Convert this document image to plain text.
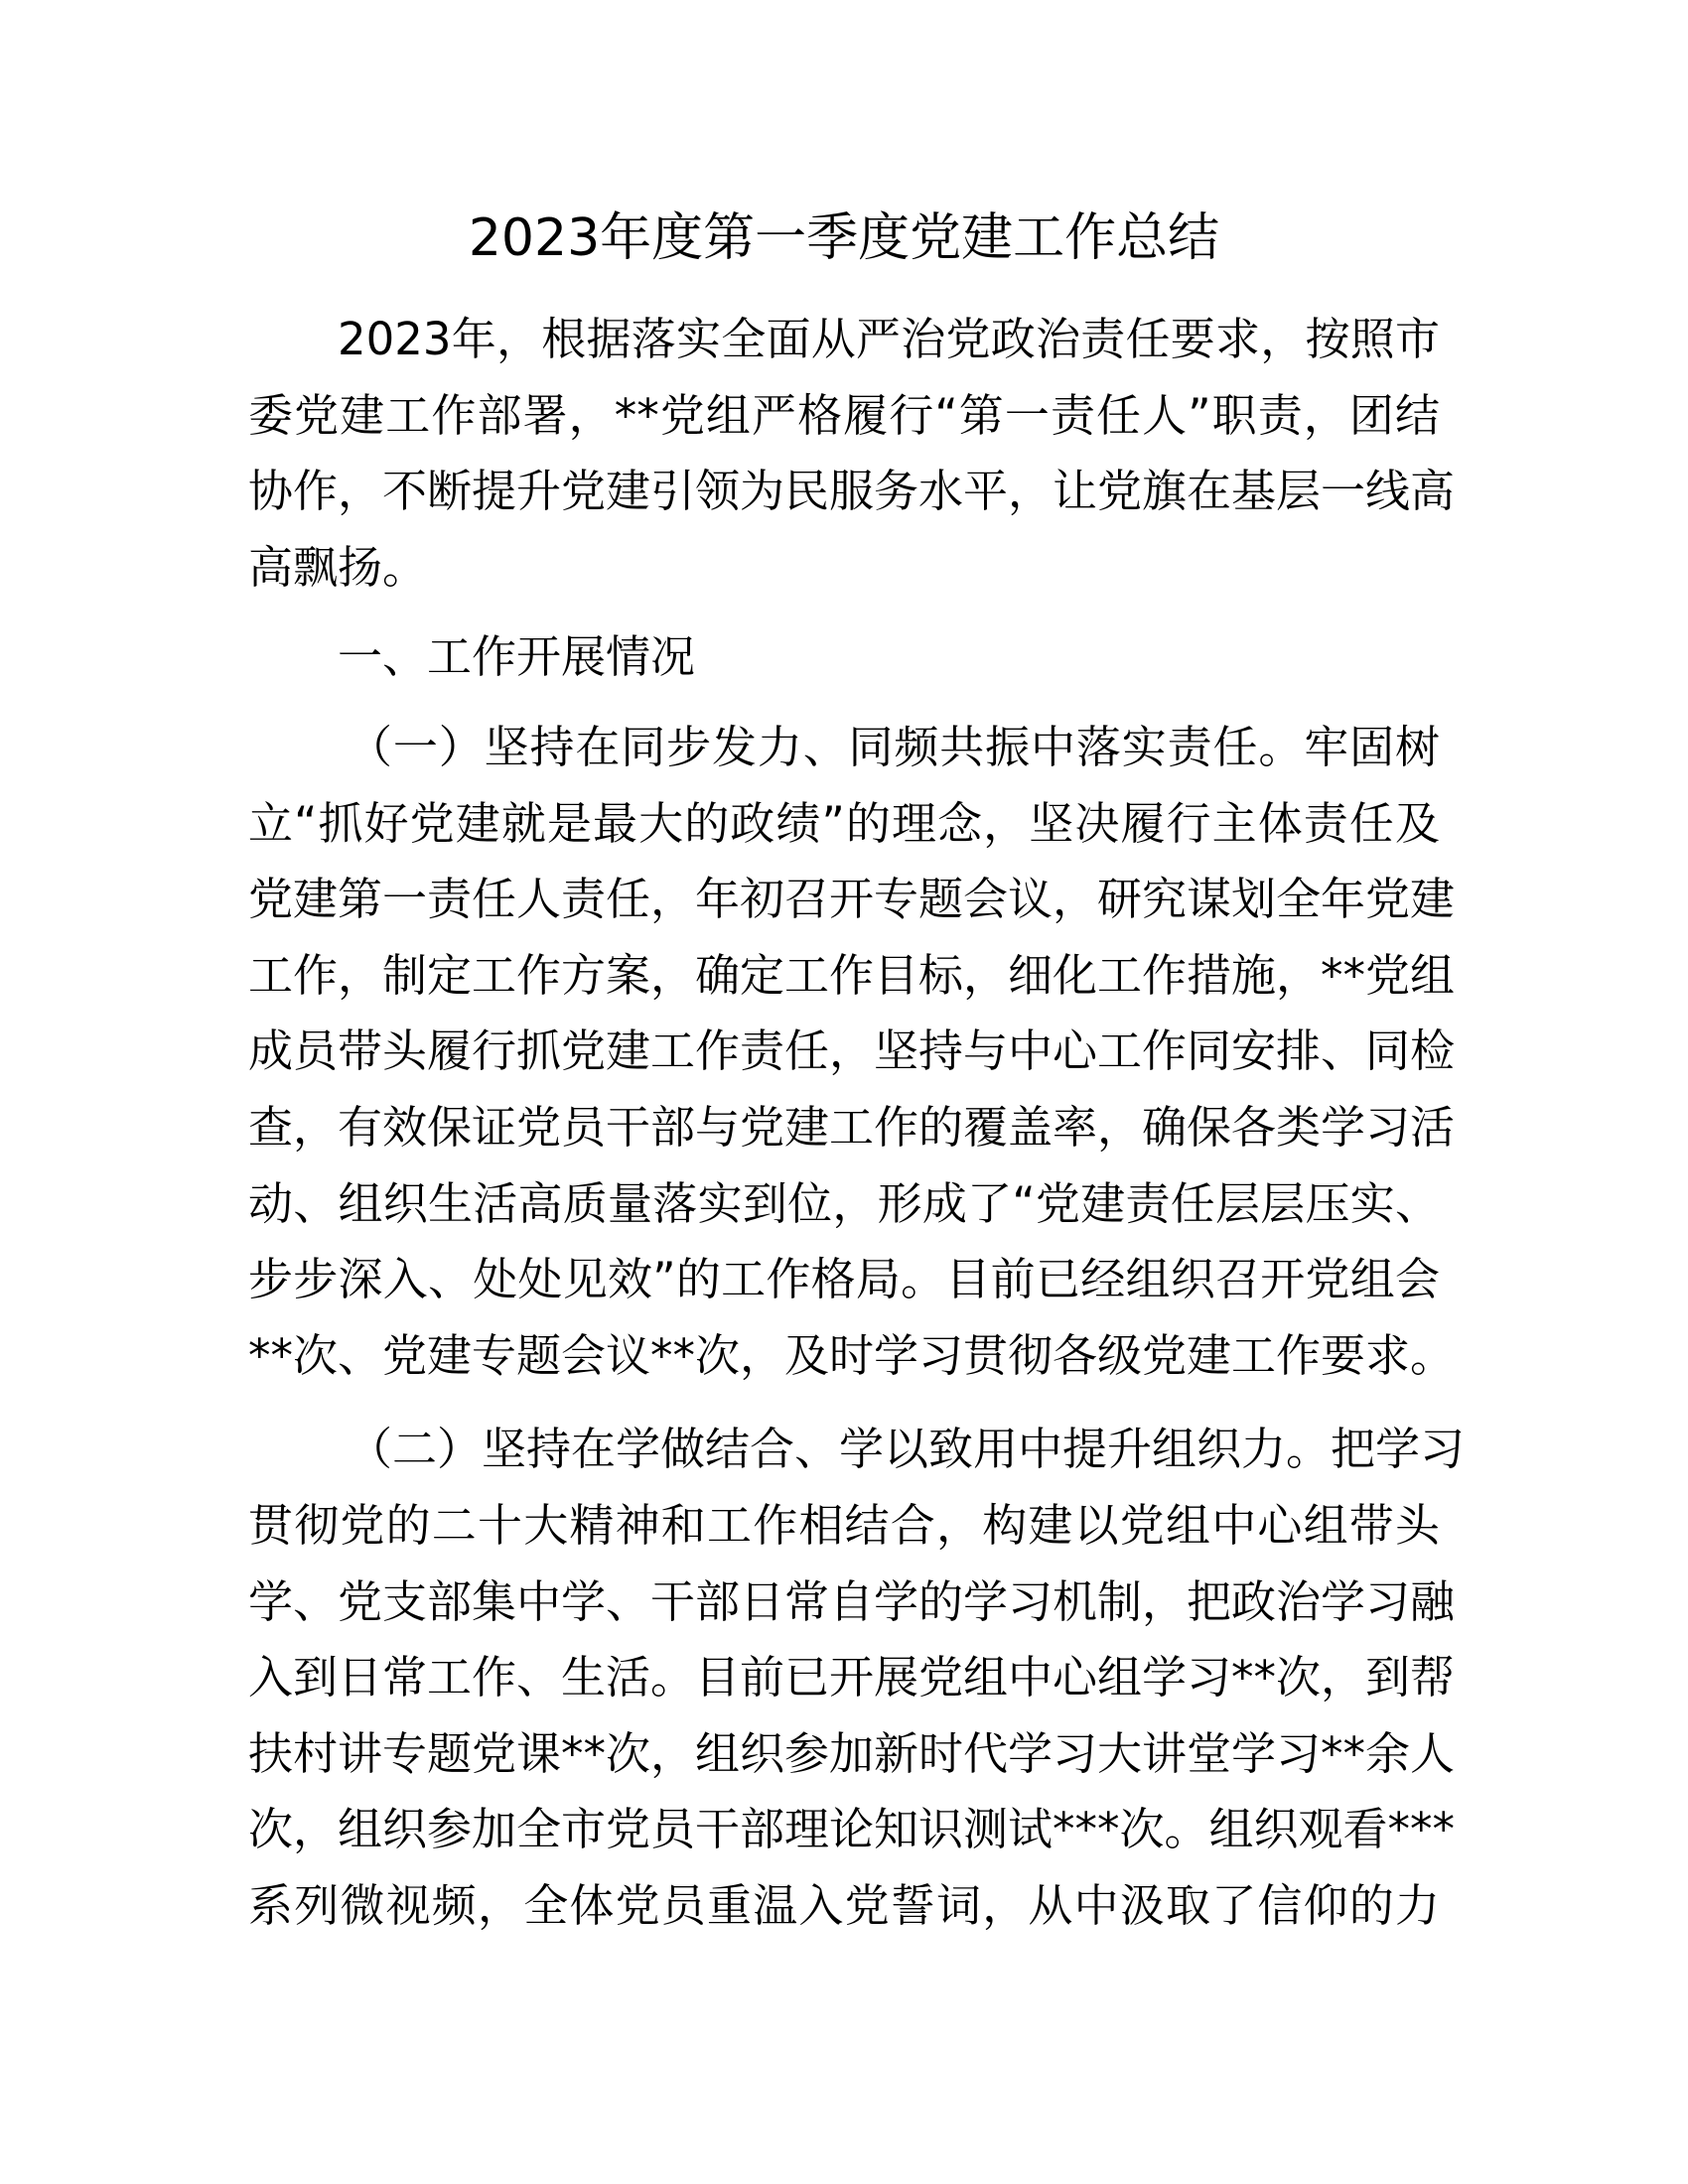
2023年度第一季度党建工作总结
2023年，根据落实全面从严治党政治责任要求，按照市
委党建工作部署，**党组严格履行“第一责任人”职责，团结
协作，不断提升党建引领为民服务水平，让党旗在基层一线高
高飘扬。
一、工作开展情况
（一）坚持在同步发力、同频共振中落实责任。牢固树
立“抓好党建就是最大的政绩”的理念，坚决履行主体责任及
党建第一责任人责任，年初召开专题会议，研究谋划全年党建
工作，制定工作方案，确定工作目标，细化工作措施，**党组
成员带头履行抓党建工作责任，坚持与中心工作同安排、同检
查，有效保证党员干部与党建工作的覆盖率，确保各类学习活
动、组织生活高质量落实到位，形成了“党建责任层层压实、
步步深入、处处见效”的工作格局。目前已经组织召开党组会
**次、党建专题会议**次，及时学习贯彻各级党建工作要求。
（二）坚持在学做结合、学以致用中提升组织力。把学习
贯彻党的二十大精神和工作相结合，构建以党组中心组带头
学、党支部集中学、干部日常自学的学习机制，把政治学习融
入到日常工作、生活。目前已开展党组中心组学习**次，到帮
扶村讲专题党课**次，组织参加新时代学习大讲堂学习**余人
次，组织参加全市党员干部理论知识测试***次。组织观看***
系列微视频，全体党员重温入党誓词，从中汲取了信仰的力
